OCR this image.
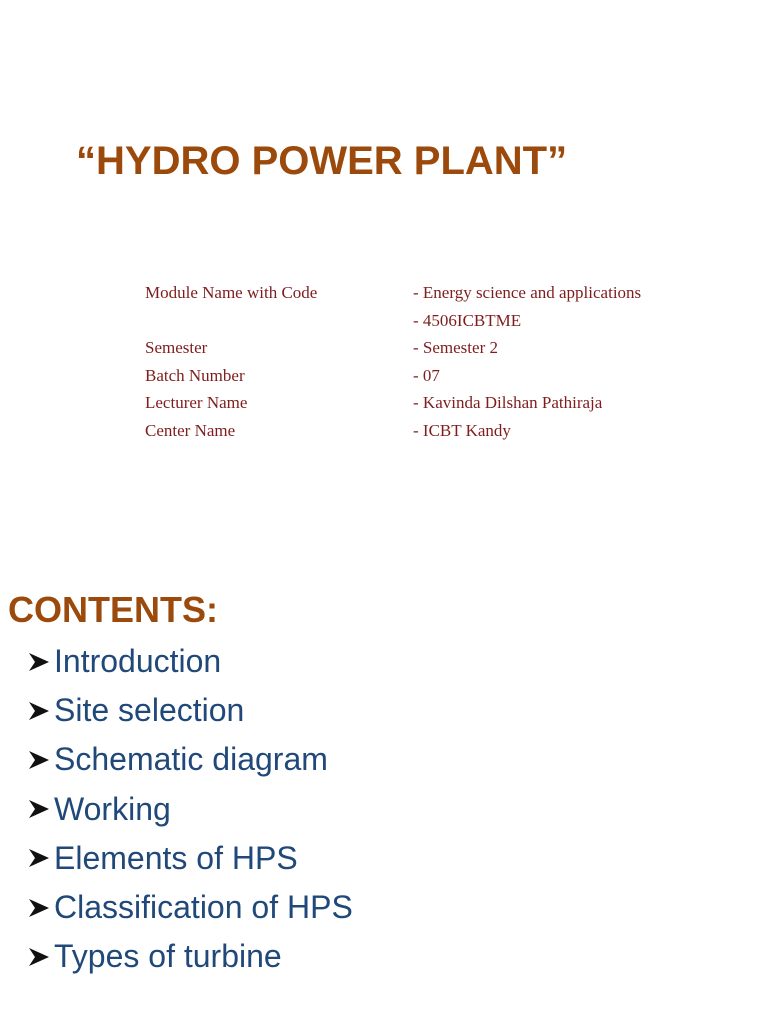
“HYDRO POWER PLANT”
Module Name with Code	- Energy science and applications
- 4506ICBTME
Semester	- Semester 2
Batch Number	- 07
Lecturer Name	- Kavinda Dilshan Pathiraja
Center Name	- ICBT Kandy
CONTENTS:
Introduction
Site selection
Schematic diagram
Working
Elements of HPS
Classification of HPS
Types of turbine
